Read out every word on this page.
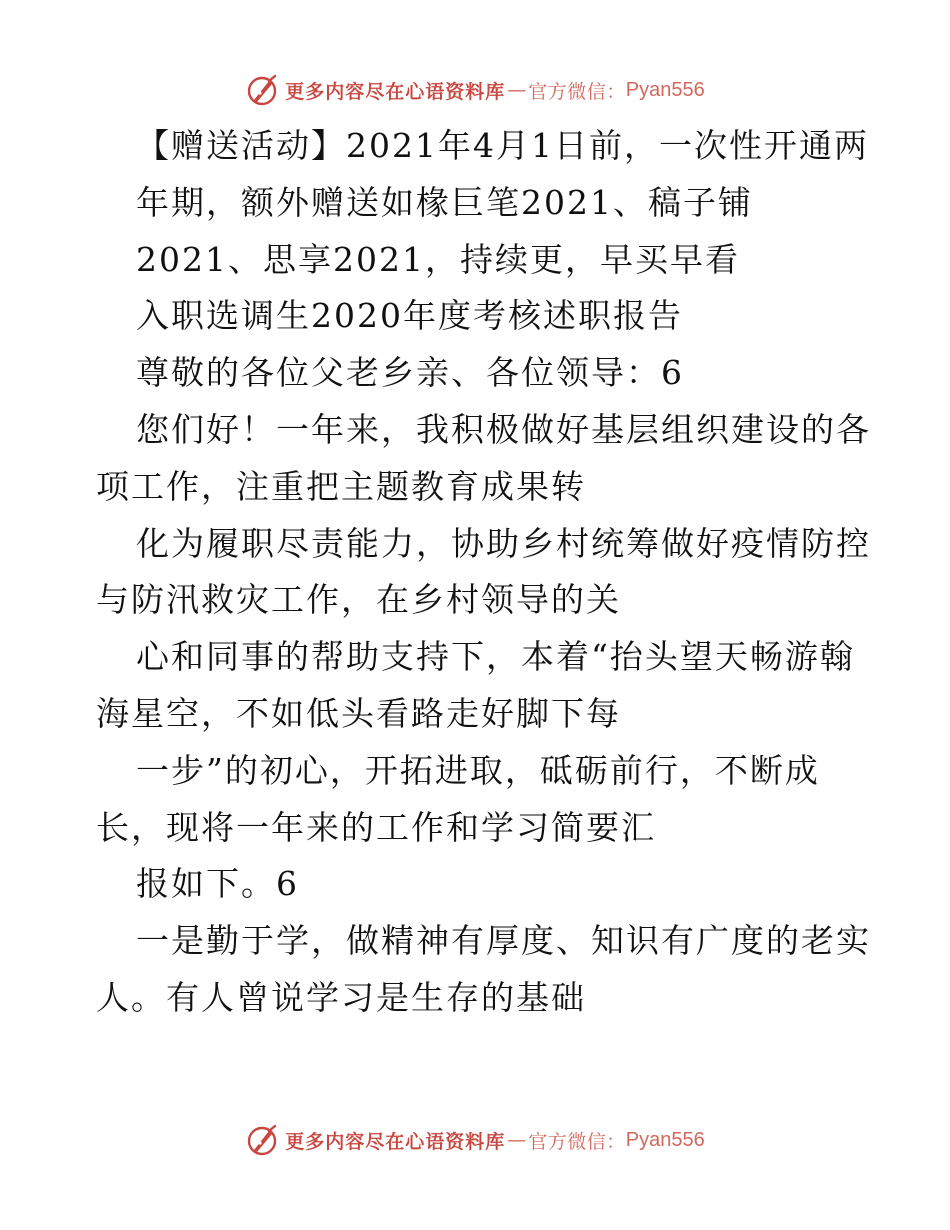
更多内容尽在心语资料库 — 官方微信： Pyan556
【赠送活动】2021年4月1日前，一次性开通两
年期，额外赠送如椽巨笔2021、稿子铺
2021、思享2021，持续更，早买早看
入职选调生2020年度考核述职报告
尊敬的各位父老乡亲、各位领导：6
您们好！一年来，我积极做好基层组织建设的各
项工作，注重把主题教育成果转
化为履职尽责能力，协助乡村统筹做好疫情防控
与防汛救灾工作，在乡村领导的关
心和同事的帮助支持下，本着“抬头望天畅游翰
海星空，不如低头看路走好脚下每
一步”的初心，开拓进取，砥砺前行，不断成
长，现将一年来的工作和学习简要汇
报如下。6
一是勤于学，做精神有厚度、知识有广度的老实
人。有人曾说学习是生存的基础
更多内容尽在心语资料库 — 官方微信： Pyan556
